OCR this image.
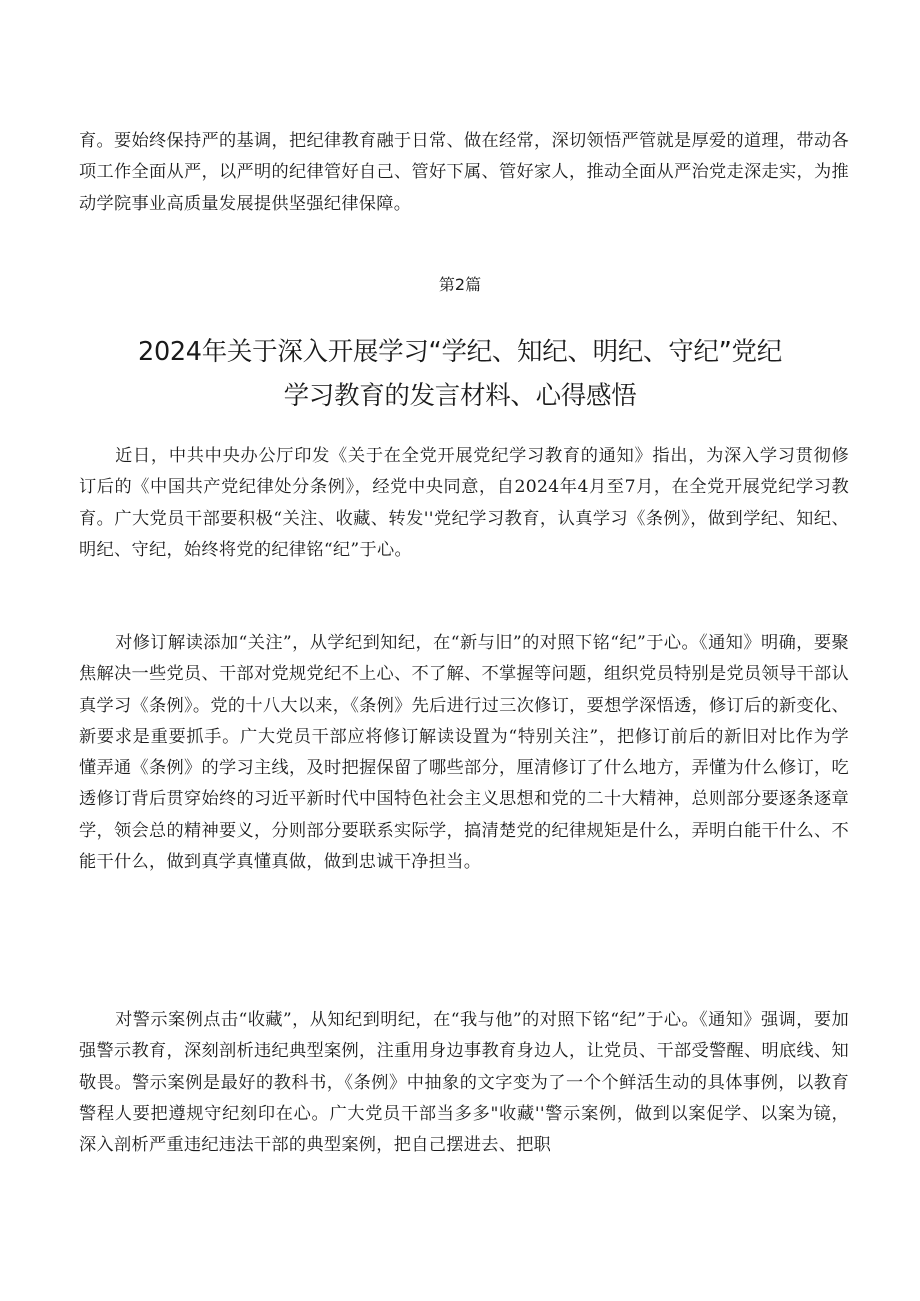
育。要始终保持严的基调，把纪律教育融于日常、做在经常，深切领悟严管就是厚爱的道理，带动各项工作全面从严，以严明的纪律管好自己、管好下属、管好家人，推动全面从严治党走深走实，为推动学院事业高质量发展提供坚强纪律保障。

第2篇
2024年关于深入开展学习“学纪、知纪、明纪、守纪”党纪
学习教育的发言材料、心得感悟

近日，中共中央办公厅印发《关于在全党开展党纪学习教育的通知》指出，为深入学习贯彻修订后的《中国共产党纪律处分条例》，经党中央同意，自2024年4月至7月，在全党开展党纪学习教育。广大党员干部要积极“关注、收藏、转发''党纪学习教育，认真学习《条例》，做到学纪、知纪、明纪、守纪，始终将党的纪律铭“纪”于心。

对修订解读添加“关注”，从学纪到知纪，在“新与旧”的对照下铭“纪”于心。《通知》明确，要聚焦解决一些党员、干部对党规党纪不上心、不了解、不掌握等问题，组织党员特别是党员领导干部认真学习《条例》。党的十八大以来，《条例》先后进行过三次修订，要想学深悟透，修订后的新变化、新要求是重要抓手。广大党员干部应将修订解读设置为“特别关注”，把修订前后的新旧对比作为学懂弄通《条例》的学习主线，及时把握保留了哪些部分，厘清修订了什么地方，弄懂为什么修订，吃透修订背后贯穿始终的习近平新时代中国特色社会主义思想和党的二十大精神，总则部分要逐条逐章学，领会总的精神要义，分则部分要联系实际学，搞清楚党的纪律规矩是什么，弄明白能干什么、不能干什么，做到真学真懂真做，做到忠诚干净担当。

对警示案例点击“收藏”，从知纪到明纪，在“我与他”的对照下铭“纪”于心。《通知》强调，要加强警示教育，深刻剖析违纪典型案例，注重用身边事教育身边人，让党员、干部受警醒、明底线、知敬畏。警示案例是最好的教科书，《条例》中抽象的文字变为了一个个鲜活生动的具体事例，以教育警程人要把遵规守纪刻印在心。广大党员干部当多多"收藏''警示案例，做到以案促学、以案为镜，深入剖析严重违纪违法干部的典型案例，把自己摆进去、把职
